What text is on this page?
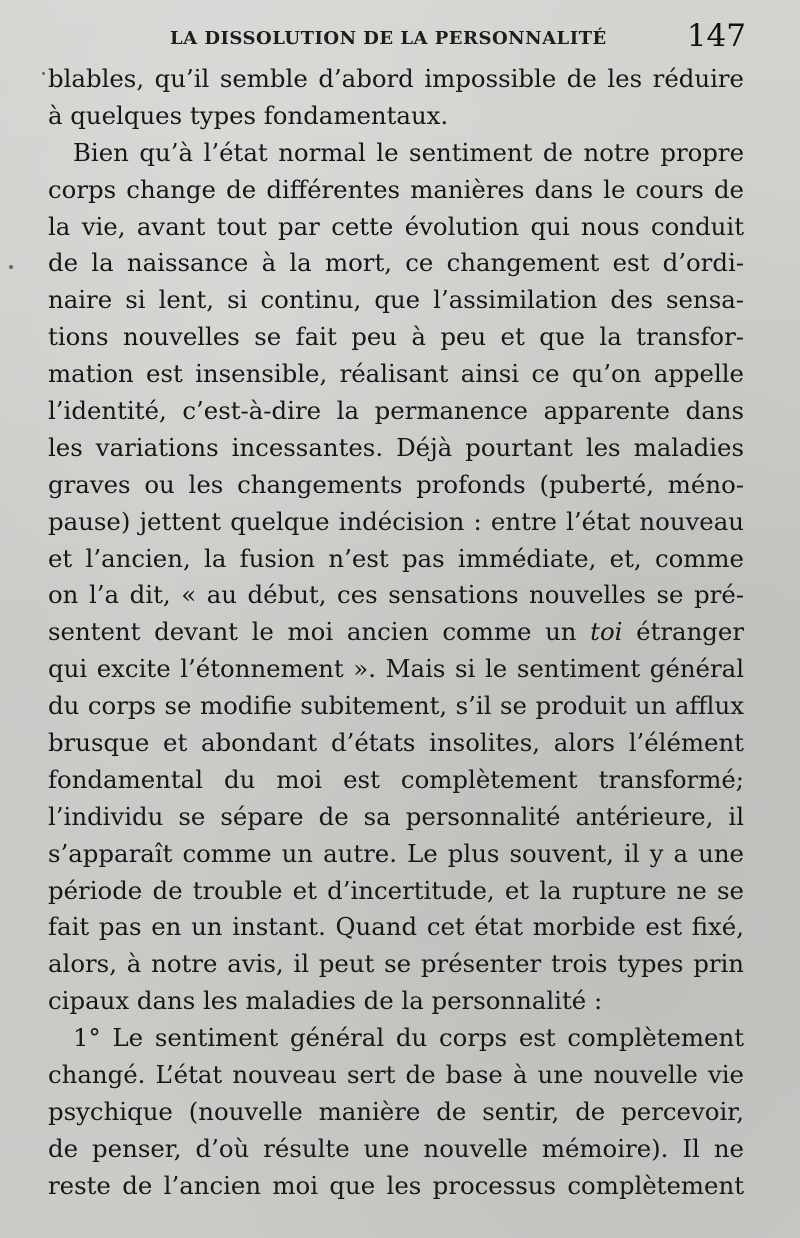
LA DISSOLUTION DE LA PERSONNALITÉ	147
blables, qu’il semble d’abord impossible de les réduire
à quelques types fondamentaux.
Bien qu’à l’état normal le sentiment de notre propre
corps change de différentes manières dans le cours de
la vie, avant tout par cette évolution qui nous conduit
de la naissance à la mort, ce changement est d’ordi-
naire si lent, si continu, que l’assimilation des sensa-
tions nouvelles se fait peu à peu et que la transfor-
mation est insensible, réalisant ainsi ce qu’on appelle
l’identité, c’est-à-dire la permanence apparente dans
les variations incessantes. Déjà pourtant les maladies
graves ou les changements profonds (puberté, méno-
pause) jettent quelque indécision : entre l’état nouveau
et l’ancien, la fusion n’est pas immédiate, et, comme
on l’a dit, « au début, ces sensations nouvelles se pré-
sentent devant le moi ancien comme un toi étranger
qui excite l’étonnement ». Mais si le sentiment général
du corps se modifie subitement, s’il se produit un afflux
brusque et abondant d’états insolites, alors l’élément
fondamental du moi est complètement transformé;
l’individu se sépare de sa personnalité antérieure, il
s’apparaît comme un autre. Le plus souvent, il y a une
période de trouble et d’incertitude, et la rupture ne se
fait pas en un instant. Quand cet état morbide est fixé,
alors, à notre avis, il peut se présenter trois types prin
cipaux dans les maladies de la personnalité :
1° Le sentiment général du corps est complètement
changé. L’état nouveau sert de base à une nouvelle vie
psychique (nouvelle manière de sentir, de percevoir,
de penser, d’où résulte une nouvelle mémoire). Il ne
reste de l’ancien moi que les processus complètement
